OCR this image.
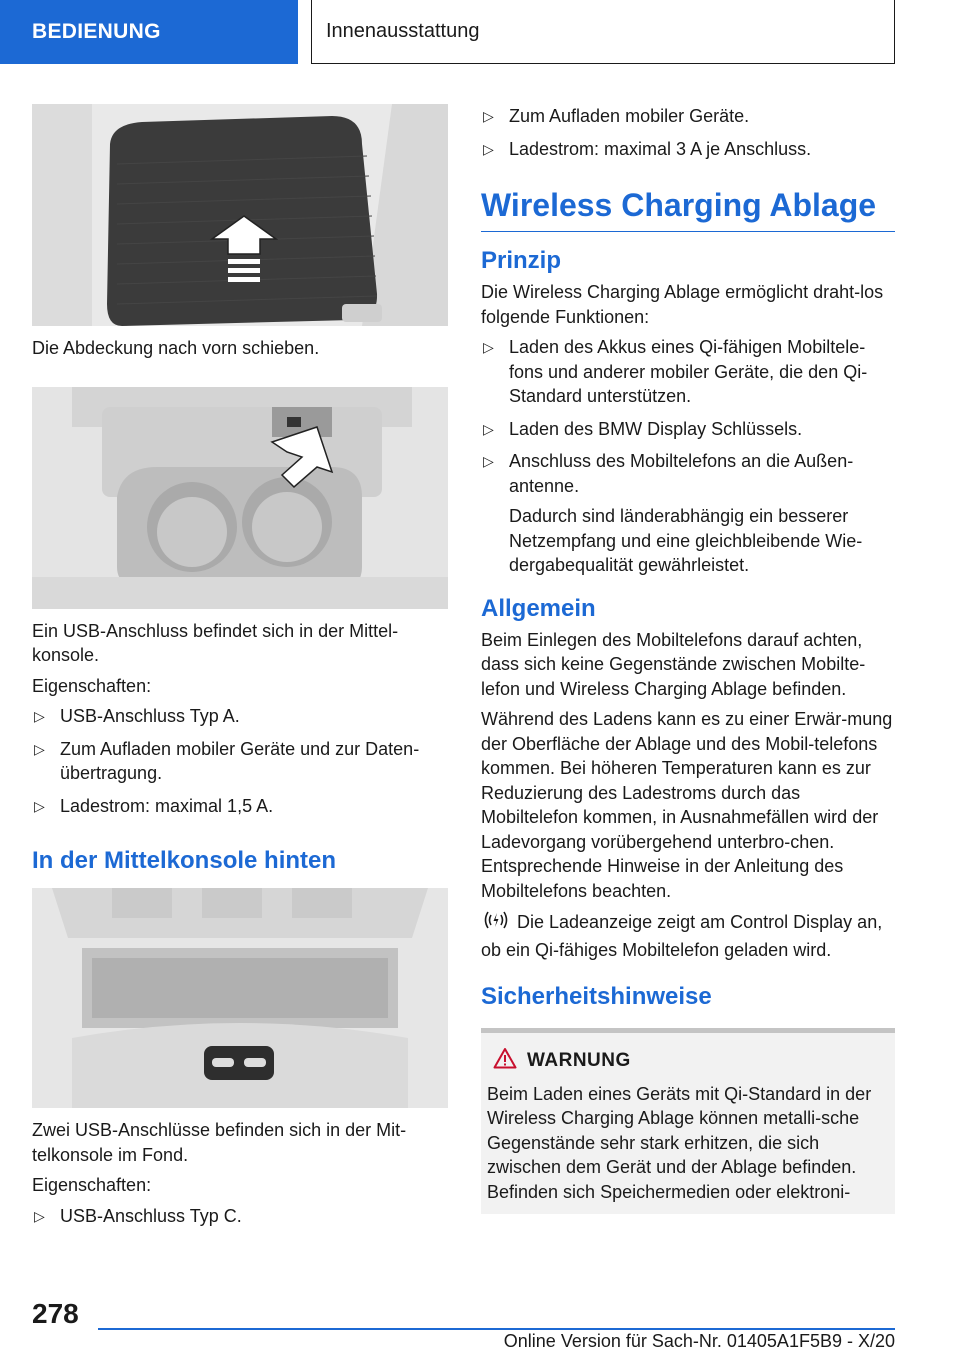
BEDIENUNG	Innenausstattung

Die Abdeckung nach vorn schieben.

Ein USB-Anschluss befindet sich in der Mittel-konsole.

Eigenschaften:

▷ USB-Anschluss Typ A.
▷ Zum Aufladen mobiler Geräte und zur Daten-übertragung.
▷ Ladestrom: maximal 1,5 A.
In der Mittelkonsole hinten

Zwei USB-Anschlüsse befinden sich in der Mit-telkonsole im Fond.

Eigenschaften:

▷ USB-Anschluss Typ C.
▷ Zum Aufladen mobiler Geräte.
▷ Ladestrom: maximal 3 A je Anschluss.
Wireless Charging Ablage
Prinzip

Die Wireless Charging Ablage ermöglicht draht-los folgende Funktionen:

▷ Laden des Akkus eines Qi-fähigen Mobiltele-fons und anderer mobiler Geräte, die den Qi-Standard unterstützen.
▷ Laden des BMW Display Schlüssels.
▷ Anschluss des Mobiltelefons an die Außen-antenne.

Dadurch sind länderabhängig ein besserer Netzempfang und eine gleichbleibende Wie-dergabequalität gewährleistet.

Allgemein

Beim Einlegen des Mobiltelefons darauf achten, dass sich keine Gegenstände zwischen Mobilte-lefon und Wireless Charging Ablage befinden.

Während des Ladens kann es zu einer Erwär-mung der Oberfläche der Ablage und des Mobil-telefons kommen. Bei höheren Temperaturen kann es zur Reduzierung des Ladestroms durch das Mobiltelefon kommen, in Ausnahmefällen wird der Ladevorgang vorübergehend unterbro-chen. Entsprechende Hinweise in der Anleitung des Mobiltelefons beachten.

Die Ladeanzeige zeigt am Control Display an, ob ein Qi-fähiges Mobiltelefon geladen wird.

Sicherheitshinweise
WARNUNG

Beim Laden eines Geräts mit Qi-Standard in der Wireless Charging Ablage können metalli-sche Gegenstände sehr stark erhitzen, die sich zwischen dem Gerät und der Ablage befinden. Befinden sich Speichermedien oder elektroni-

278
Online Version für Sach-Nr. 01405A1F5B9 - X/20
